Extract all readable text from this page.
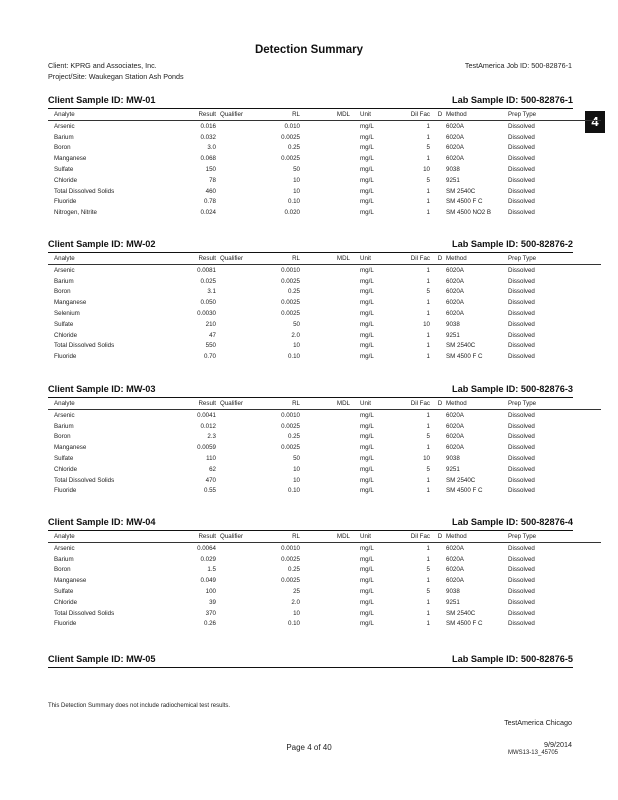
Detection Summary
Client: KPRG and Associates, Inc.
Project/Site: Waukegan Station Ash Ponds
TestAmerica Job ID: 500-82876-1
4
Client Sample ID: MW-01	Lab Sample ID: 500-82876-1
Analyte	Result	Qualifier	RL	MDL	Unit	Dil Fac	D	Method	Prep Type
Arsenic	0.016		0.010		mg/L	1		6020A	Dissolved
Barium	0.032		0.0025		mg/L	1		6020A	Dissolved
Boron	3.0		0.25		mg/L	5		6020A	Dissolved
Manganese	0.068		0.0025		mg/L	1		6020A	Dissolved
Sulfate	150		50		mg/L	10		9038	Dissolved
Chloride	78		10		mg/L	5		9251	Dissolved
Total Dissolved Solids	460		10		mg/L	1		SM 2540C	Dissolved
Fluoride	0.78		0.10		mg/L	1		SM 4500 F C	Dissolved
Nitrogen, Nitrite	0.024		0.020		mg/L	1		SM 4500 NO2 B	Dissolved
Client Sample ID: MW-02	Lab Sample ID: 500-82876-2
Analyte	Result	Qualifier	RL	MDL	Unit	Dil Fac	D	Method	Prep Type
Arsenic	0.0081		0.0010		mg/L	1		6020A	Dissolved
Barium	0.025		0.0025		mg/L	1		6020A	Dissolved
Boron	3.1		0.25		mg/L	5		6020A	Dissolved
Manganese	0.050		0.0025		mg/L	1		6020A	Dissolved
Selenium	0.0030		0.0025		mg/L	1		6020A	Dissolved
Sulfate	210		50		mg/L	10		9038	Dissolved
Chloride	47		2.0		mg/L	1		9251	Dissolved
Total Dissolved Solids	550		10		mg/L	1		SM 2540C	Dissolved
Fluoride	0.70		0.10		mg/L	1		SM 4500 F C	Dissolved
Client Sample ID: MW-03	Lab Sample ID: 500-82876-3
Analyte	Result	Qualifier	RL	MDL	Unit	Dil Fac	D	Method	Prep Type
Arsenic	0.0041		0.0010		mg/L	1		6020A	Dissolved
Barium	0.012		0.0025		mg/L	1		6020A	Dissolved
Boron	2.3		0.25		mg/L	5		6020A	Dissolved
Manganese	0.0059		0.0025		mg/L	1		6020A	Dissolved
Sulfate	110		50		mg/L	10		9038	Dissolved
Chloride	62		10		mg/L	5		9251	Dissolved
Total Dissolved Solids	470		10		mg/L	1		SM 2540C	Dissolved
Fluoride	0.55		0.10		mg/L	1		SM 4500 F C	Dissolved
Client Sample ID: MW-04	Lab Sample ID: 500-82876-4
Analyte	Result	Qualifier	RL	MDL	Unit	Dil Fac	D	Method	Prep Type
Arsenic	0.0064		0.0010		mg/L	1		6020A	Dissolved
Barium	0.029		0.0025		mg/L	1		6020A	Dissolved
Boron	1.5		0.25		mg/L	5		6020A	Dissolved
Manganese	0.049		0.0025		mg/L	1		6020A	Dissolved
Sulfate	100		25		mg/L	5		9038	Dissolved
Chloride	39		2.0		mg/L	1		9251	Dissolved
Total Dissolved Solids	370		10		mg/L	1		SM 2540C	Dissolved
Fluoride	0.26		0.10		mg/L	1		SM 4500 F C	Dissolved
Client Sample ID: MW-05	Lab Sample ID: 500-82876-5
This Detection Summary does not include radiochemical test results.
TestAmerica Chicago
Page 4 of 40	9/9/2014
MWS13-13_45705
